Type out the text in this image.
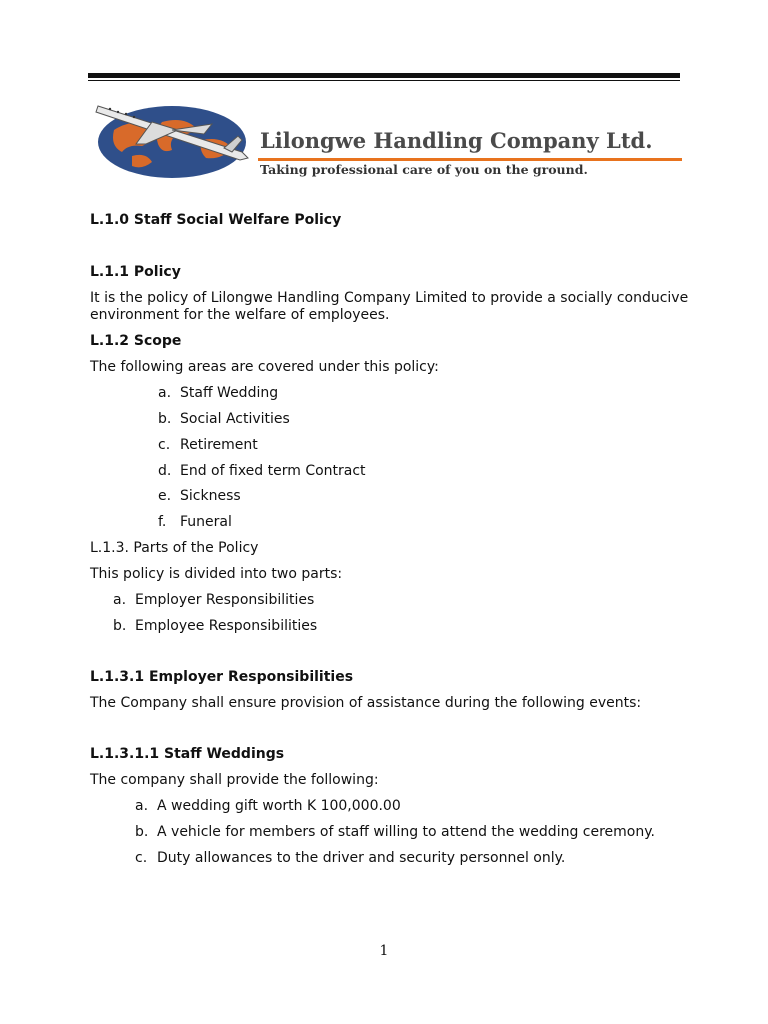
Lilongwe Handling Company Ltd.

Taking professional care of you on the ground.

L.1.0 Staff Social Welfare Policy

L.1.1 Policy

It is the policy of Lilongwe Handling Company Limited to provide a socially conducive

environment for the welfare of employees.

L.1.2 Scope

The following areas are covered under this policy:

a. Staff Wedding

b. Social Activities

c. Retirement

d. End of fixed term Contract

e. Sickness

f. Funeral

L.1.3. Parts of the Policy

This policy is divided into two parts:

a. Employer Responsibilities

b. Employee Responsibilities

L.1.3.1 Employer Responsibilities

The Company shall ensure provision of assistance during the following events:

L.1.3.1.1 Staff Weddings

The company shall provide the following:

a. A wedding gift worth K 100,000.00

b. A vehicle for members of staff willing to attend the wedding ceremony.

c. Duty allowances to the driver and security personnel only.

1
